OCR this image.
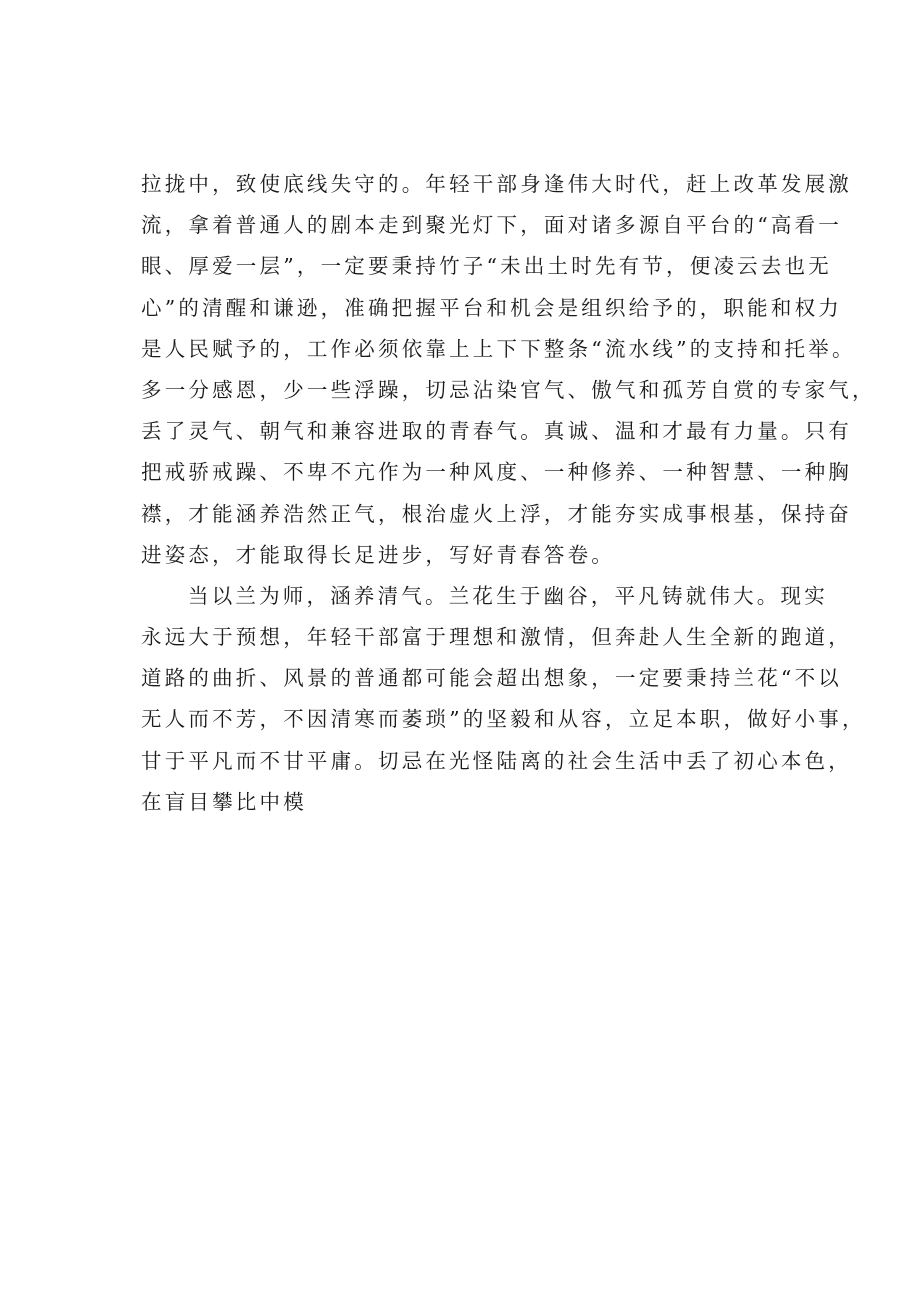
拉拢中，致使底线失守的。年轻干部身逢伟大时代，赶上改革发展激
流，拿着普通人的剧本走到聚光灯下，面对诸多源自平台的“高看一
眼、厚爱一层”，一定要秉持竹子“未出土时先有节，便凌云去也无
心”的清醒和谦逊，准确把握平台和机会是组织给予的，职能和权力
是人民赋予的，工作必须依靠上上下下整条“流水线”的支持和托举。
多一分感恩，少一些浮躁，切忌沾染官气、傲气和孤芳自赏的专家气，
丢了灵气、朝气和兼容进取的青春气。真诚、温和才最有力量。只有
把戒骄戒躁、不卑不亢作为一种风度、一种修养、一种智慧、一种胸
襟，才能涵养浩然正气，根治虚火上浮，才能夯实成事根基，保持奋
进姿态，才能取得长足进步，写好青春答卷。
当以兰为师，涵养清气。兰花生于幽谷，平凡铸就伟大。现实
永远大于预想，年轻干部富于理想和激情，但奔赴人生全新的跑道，
道路的曲折、风景的普通都可能会超出想象，一定要秉持兰花“不以
无人而不芳，不因清寒而萎琐”的坚毅和从容，立足本职，做好小事，
甘于平凡而不甘平庸。切忌在光怪陆离的社会生活中丢了初心本色，
在盲目攀比中模
